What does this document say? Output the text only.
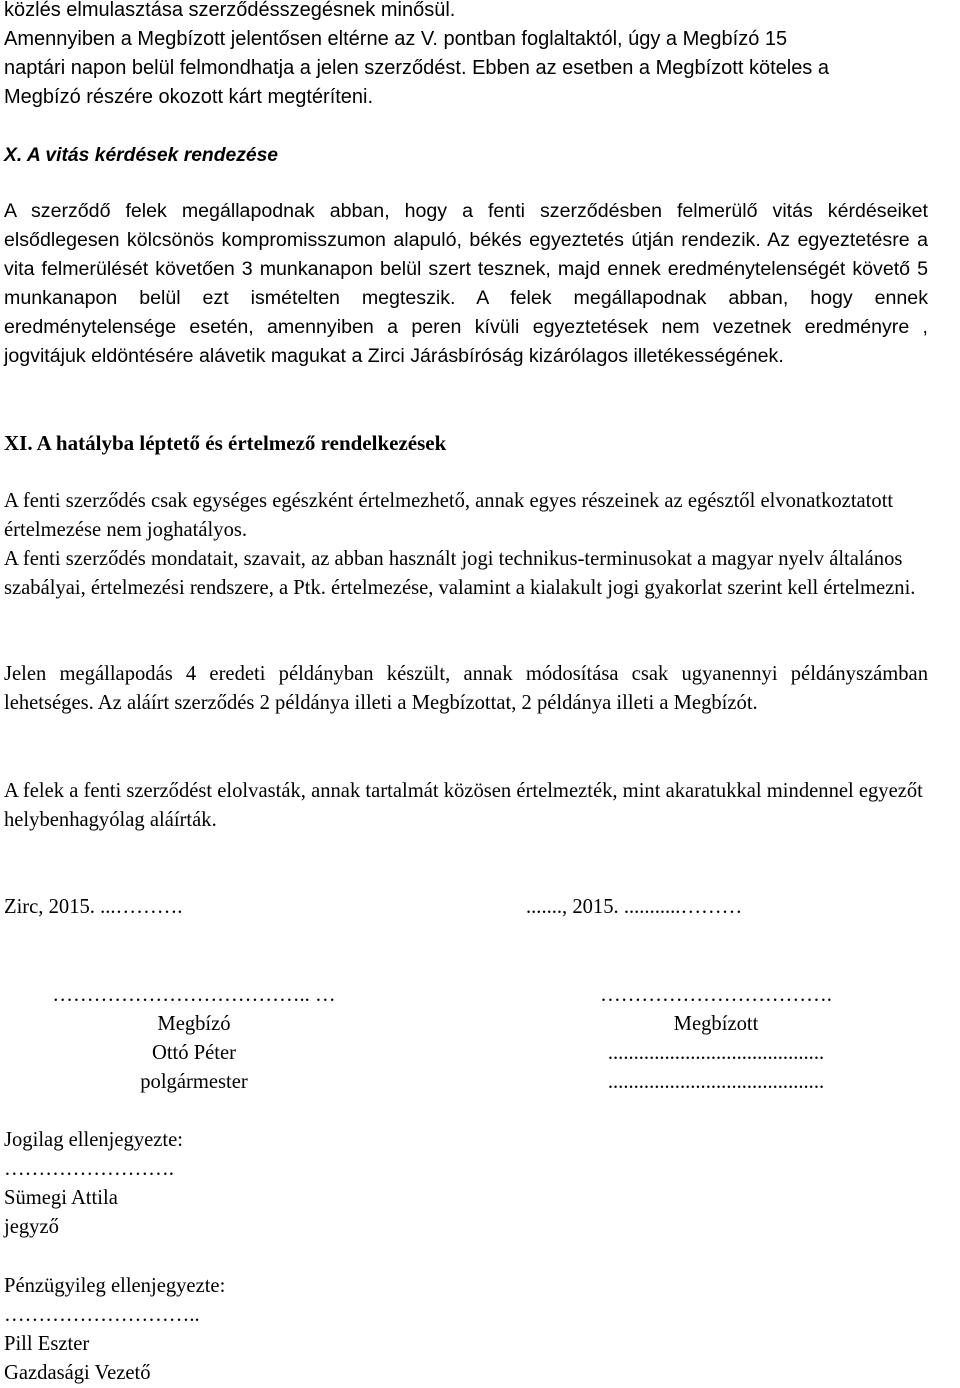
közlés elmulasztása szerződésszegésnek minősül.
Amennyiben a Megbízott jelentősen eltérne az V. pontban foglaltaktól, úgy a Megbízó 15
naptári napon belül felmondhatja a jelen szerződést. Ebben az esetben a Megbízott köteles a
Megbízó részére okozott kárt megtéríteni.

X. A vitás kérdések rendezése

A szerződő felek megállapodnak abban, hogy a fenti szerződésben felmerülő vitás kérdéseiket elsődlegesen kölcsönös kompromisszumon alapuló, békés egyeztetés útján rendezik. Az egyeztetésre a vita felmerülését követően 3 munkanapon belül szert tesznek, majd ennek eredménytelenségét követő 5 munkanapon belül ezt ismételten megteszik. A felek megállapodnak abban, hogy ennek eredménytelensége esetén, amennyiben a peren kívüli egyeztetések nem vezetnek eredményre , jogvitájuk eldöntésére alávetik magukat a Zirci Járásbíróság kizárólagos illetékességének.

XI. A hatályba léptető és értelmező rendelkezések

A fenti szerződés csak egységes egészként értelmezhető, annak egyes részeinek az egésztől elvonatkoztatott értelmezése nem joghatályos.

A fenti szerződés mondatait, szavait, az abban használt jogi technikus-terminusokat a magyar nyelv általános szabályai, értelmezési rendszere, a Ptk. értelmezése, valamint a kialakult jogi gyakorlat szerint kell értelmezni.

Jelen megállapodás 4 eredeti példányban készült, annak módosítása csak ugyanennyi példányszámban lehetséges. Az aláírt szerződés 2 példánya illeti a Megbízottat, 2 példánya illeti a Megbízót.

A felek a fenti szerződést elolvasták, annak tartalmát közösen értelmezték, mint akaratukkal mindennel egyezőt helybenhagyólag aláírták.

Zirc, 2015. ...……….	......., 2015. ...........………
……………………………….. …
Megbízó
Ottó Péter
polgármester
…………………………….
Megbízott
..........................................
..........................................
Jogilag ellenjegyezte:
…………………….
Sümegi Attila
jegyző
Pénzügyileg ellenjegyezte:
………………………..
Pill Eszter
Gazdasági Vezető
